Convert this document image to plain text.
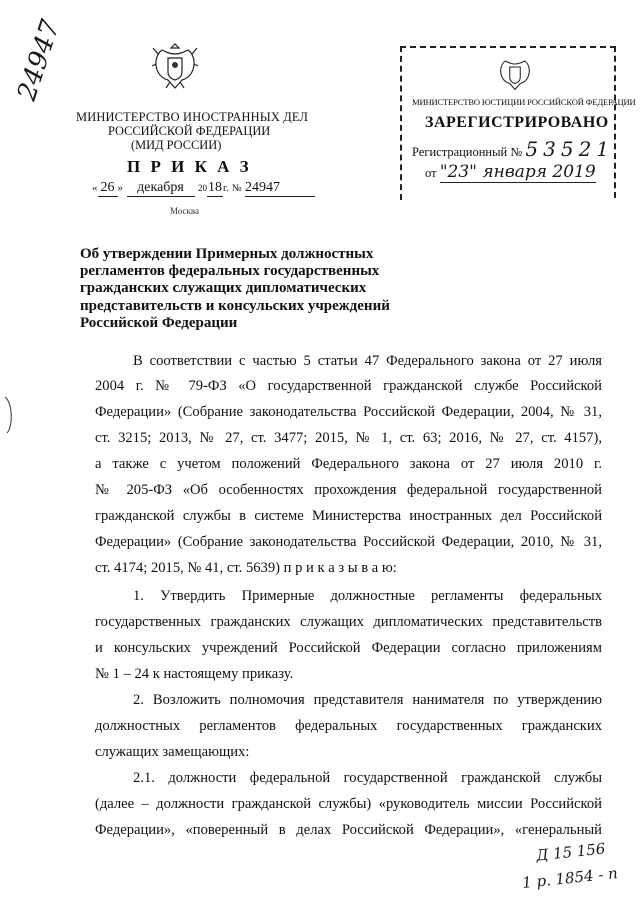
24947
МИНИСТЕРСТВО ИНОСТРАННЫХ ДЕЛ
РОССИЙСКОЙ ФЕДЕРАЦИИ
(МИД РОССИИ)
П Р И К А З
« 26 » декабря 2018г. № 24947
Москва
МИНИСТЕРСТВО ЮСТИЦИИ РОССИЙСКОЙ ФЕДЕРАЦИИ
ЗАРЕГИСТРИРОВАНО
Регистрационный № 53521
от "23" января 2019
Об утверждении Примерных должностных
регламентов федеральных государственных
гражданских служащих дипломатических
представительств и консульских учреждений
Российской Федерации
В соответствии с частью 5 статьи 47 Федерального закона от 27 июля
2004 г. № 79-ФЗ «О государственной гражданской службе Российской
Федерации» (Собрание законодательства Российской Федерации, 2004, № 31,
ст. 3215; 2013, № 27, ст. 3477; 2015, № 1, ст. 63; 2016, № 27, ст. 4157),
а также с учетом положений Федерального закона от 27 июля 2010 г.
№ 205-ФЗ «Об особенностях прохождения федеральной государственной
гражданской службы в системе Министерства иностранных дел Российской
Федерации» (Собрание законодательства Российской Федерации, 2010, № 31,
ст. 4174; 2015, № 41, ст. 5639) п р и к а з ы в а ю:
1. Утвердить Примерные должностные регламенты федеральных
государственных гражданских служащих дипломатических представительств
и консульских учреждений Российской Федерации согласно приложениям
№ 1 – 24 к настоящему приказу.
2. Возложить полномочия представителя нанимателя по утверждению
должностных регламентов федеральных государственных гражданских
служащих замещающих:
2.1. должности федеральной государственной гражданской службы
(далее – должности гражданской службы) «руководитель миссии Российской
Федерации», «поверенный в делах Российской Федерации», «генеральный
Д 15 156
1 р. 1854 - п
